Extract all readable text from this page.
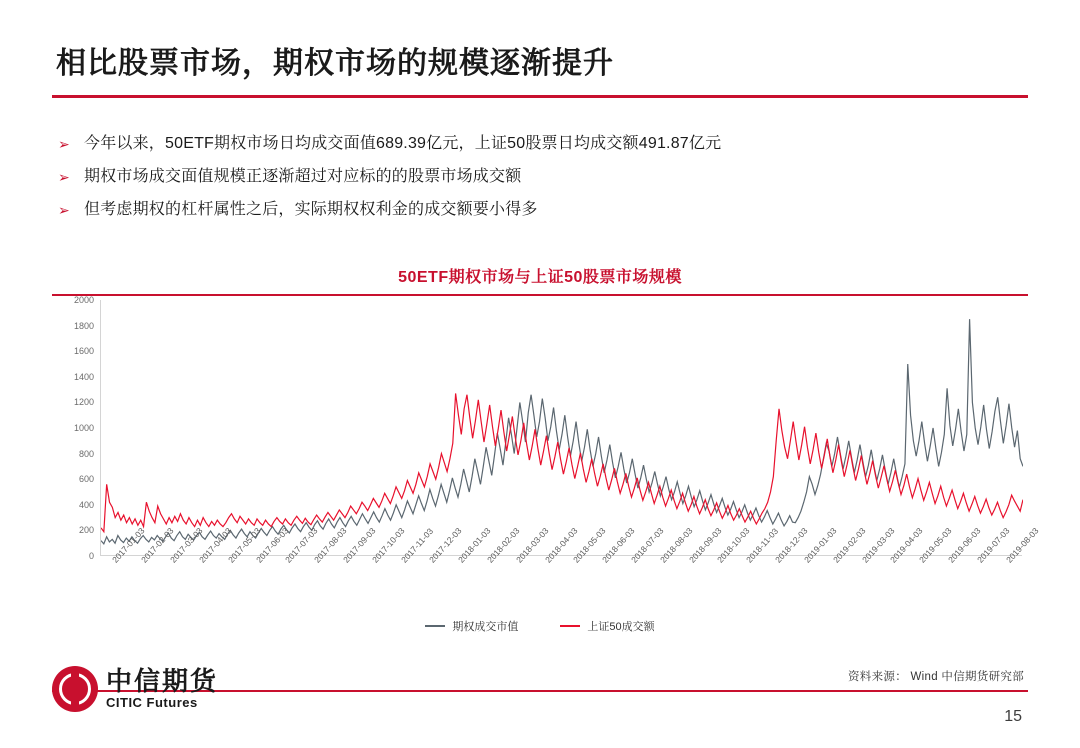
相比股票市场，期权市场的规模逐渐提升
➢ 今年以来，50ETF期权市场日均成交面值689.39亿元，上证50股票日均成交额491.87亿元
➢ 期权市场成交面值规模正逐渐超过对应标的的股票市场成交额
➢ 但考虑期权的杠杆属性之后，实际期权权利金的成交额要小得多
50ETF期权市场与上证50股票市场规模
0
200
400
600
800
1000
1200
1400
1600
1800
2000
2017-01-03
2017-02-03
2017-03-03
2017-04-03
2017-05-03
2017-06-03
2017-07-03
2017-08-03
2017-09-03
2017-10-03
2017-11-03
2017-12-03
2018-01-03
2018-02-03
2018-03-03
2018-04-03
2018-05-03
2018-06-03
2018-07-03
2018-08-03
2018-09-03
2018-10-03
2018-11-03
2018-12-03
2019-01-03
2019-02-03
2019-03-03
2019-04-03
2019-05-03
2019-06-03
2019-07-03
2019-08-03
期权成交市值	上证50成交额
资料来源： Wind 中信期货研究部
中信期货
CITIC Futures
15
